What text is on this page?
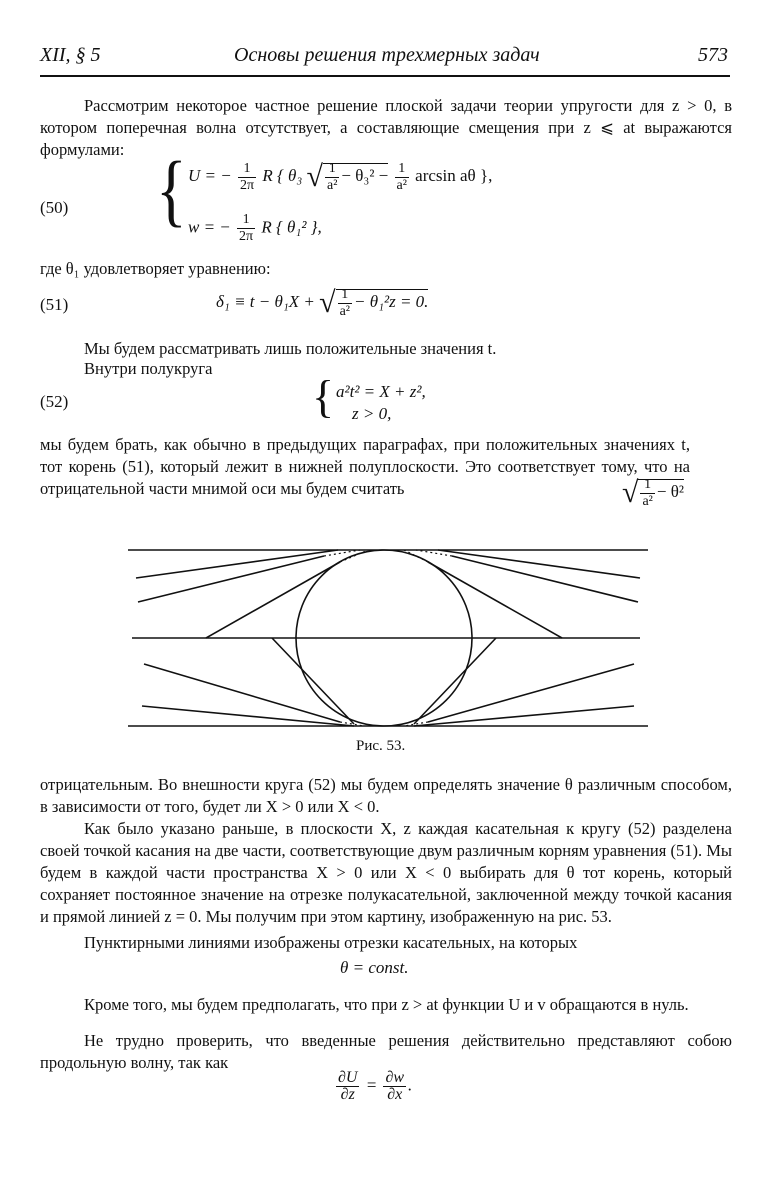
XII, § 5	Основы решения трехмерных задач	573
Рассмотрим некоторое частное решение плоской задачи теории упругости для z > 0, в котором поперечная волна отсутствует, а составляющие смещения при z ⩽ at выражаются формулами:
(50) { U = − $\frac{1}{2\pi}$ R { θ₃ √ $\frac{1}{\text{a²}} - \theta_3^2 - \frac{1}{\text{a²}}$ arcsin aθ },
w = − $\frac{1}{2\pi}$ R { θ₁² },
где θ₁ удовлетворяет уравнению:
(51)	δ₁ ≡ t − θ₁X + √ $\frac{1}{\text{a²}} - \theta_1^2z = 0$.
Мы будем рассматривать лишь положительные значения t.
Внутри полукруга
(52)	{ a²t² = X + z²,
z > 0,
мы будем брать, как обычно в предыдущих параграфах, при положительных значениях t, тот корень (51), который лежит в нижней полуплоскости. Это соответствует тому, что на отрицательной части мнимой оси мы будем считать	√ $\frac{1}{\text{a²}} - \theta^2$
Рис. 53.
отрицательным. Во внешности круга (52) мы будем определять значение θ различным способом, в зависимости от того, будет ли X > 0 или X < 0.
Как было указано раньше, в плоскости X, z каждая касательная к кругу (52) разделена своей точкой касания на две части, соответствующие двум различным корням уравнения (51). Мы будем в каждой части пространства X > 0 или X < 0 выбирать для θ тот корень, который сохраняет постоянное значение на отрезке полукасательной, заключенной между точкой касания и прямой линией z = 0. Мы получим при этом картину, изображенную на рис. 53.
Пунктирными линиями изображены отрезки касательных, на которых
θ = const.
Кроме того, мы будем предполагать, что при z > at функции U и v обращаются в нуль.
Не трудно проверить, что введенные решения действительно представляют собою продольную волну, так как
$\frac{\partial U}{\partial z} = \frac{\partial w}{\partial x}$ .
